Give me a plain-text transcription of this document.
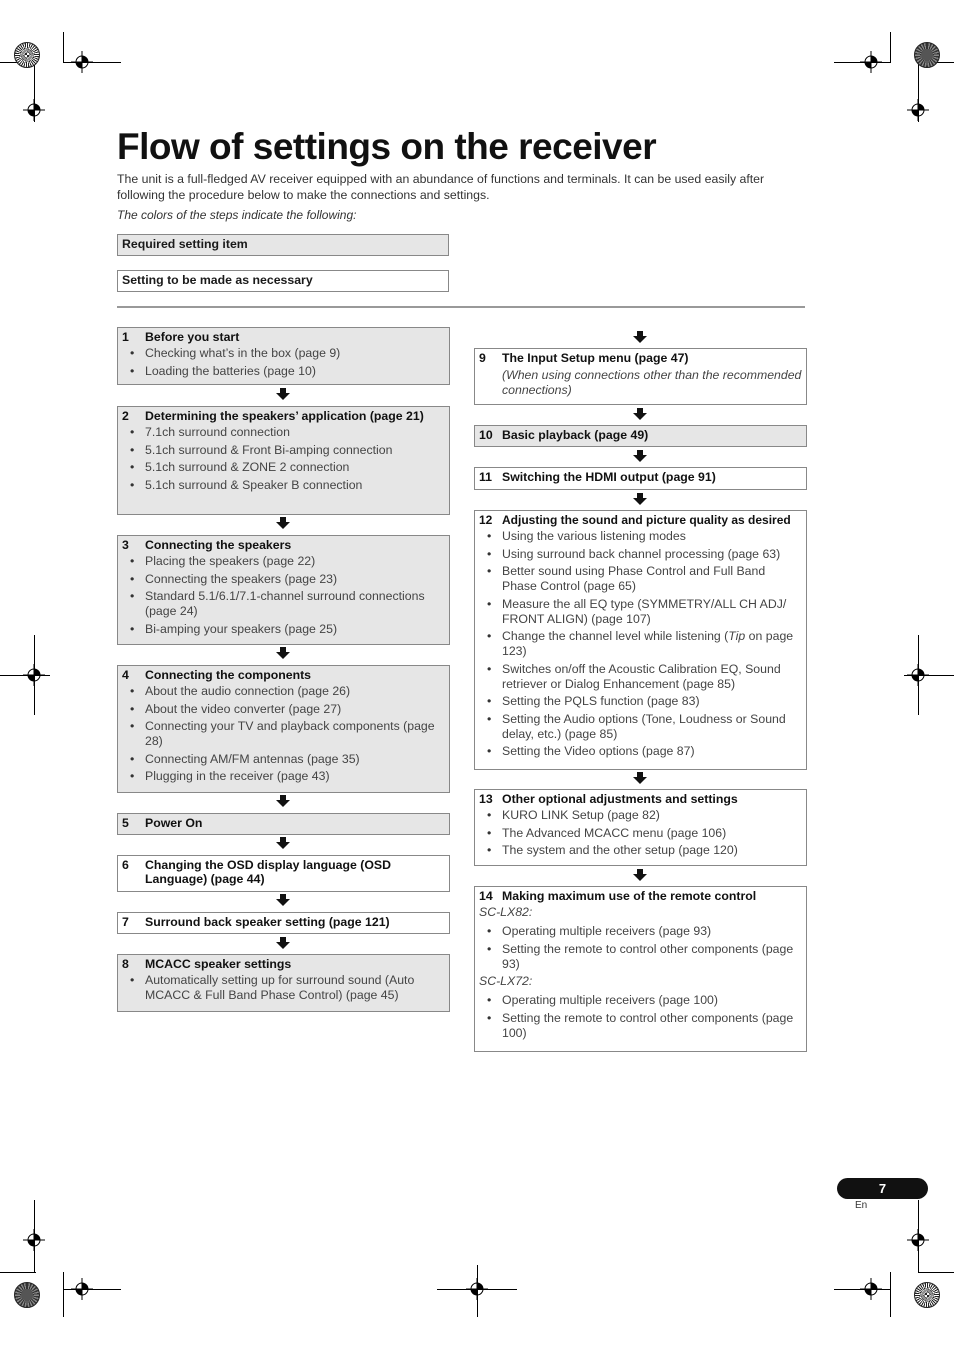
Flow of settings on the receiver
The unit is a full-fledged AV receiver equipped with an abundance of functions and terminals. It can be used easily after following the procedure below to make the connections and settings.
The colors of the steps indicate the following:
Required setting item
Setting to be made as necessary
1	Before you start
• Checking what’s in the box (page 9)
• Loading the batteries (page 10)
2	Determining the speakers’ application (page 21)
• 7.1ch surround connection
• 5.1ch surround & Front Bi-amping connection
• 5.1ch surround & ZONE 2 connection
• 5.1ch surround & Speaker B connection
3	Connecting the speakers
• Placing the speakers (page 22)
• Connecting the speakers (page 23)
• Standard 5.1/6.1/7.1-channel surround connections (page 24)
• Bi-amping your speakers (page 25)
4	Connecting the components
• About the audio connection (page 26)
• About the video converter (page 27)
• Connecting your TV and playback components (page 28)
• Connecting AM/FM antennas (page 35)
• Plugging in the receiver (page 43)
5	Power On
6	Changing the OSD display language (OSD Language) (page 44)
7	Surround back speaker setting (page 121)
8	MCACC speaker settings
• Automatically setting up for surround sound (Auto MCACC & Full Band Phase Control) (page 45)
9	The Input Setup menu (page 47)
(When using connections other than the recommended connections)
10 Basic playback (page 49)
11 Switching the HDMI output (page 91)
12 Adjusting the sound and picture quality as desired
• Using the various listening modes
• Using surround back channel processing (page 63)
• Better sound using Phase Control and Full Band Phase Control (page 65)
• Measure the all EQ type (SYMMETRY/ALL CH ADJ/ FRONT ALIGN) (page 107)
• Change the channel level while listening (Tip on page 123)
• Switches on/off the Acoustic Calibration EQ, Sound retriever or Dialog Enhancement (page 85)
• Setting the PQLS function (page 83)
• Setting the Audio options (Tone, Loudness or Sound delay, etc.) (page 85)
• Setting the Video options (page 87)
13 Other optional adjustments and settings
• KURO LINK Setup (page 82)
• The Advanced MCACC menu (page 106)
• The system and the other setup (page 120)
14 Making maximum use of the remote control
SC-LX82:
• Operating multiple receivers (page 93)
• Setting the remote to control other components (page 93)
SC-LX72:
• Operating multiple receivers (page 100)
• Setting the remote to control other components (page 100)
7
En
